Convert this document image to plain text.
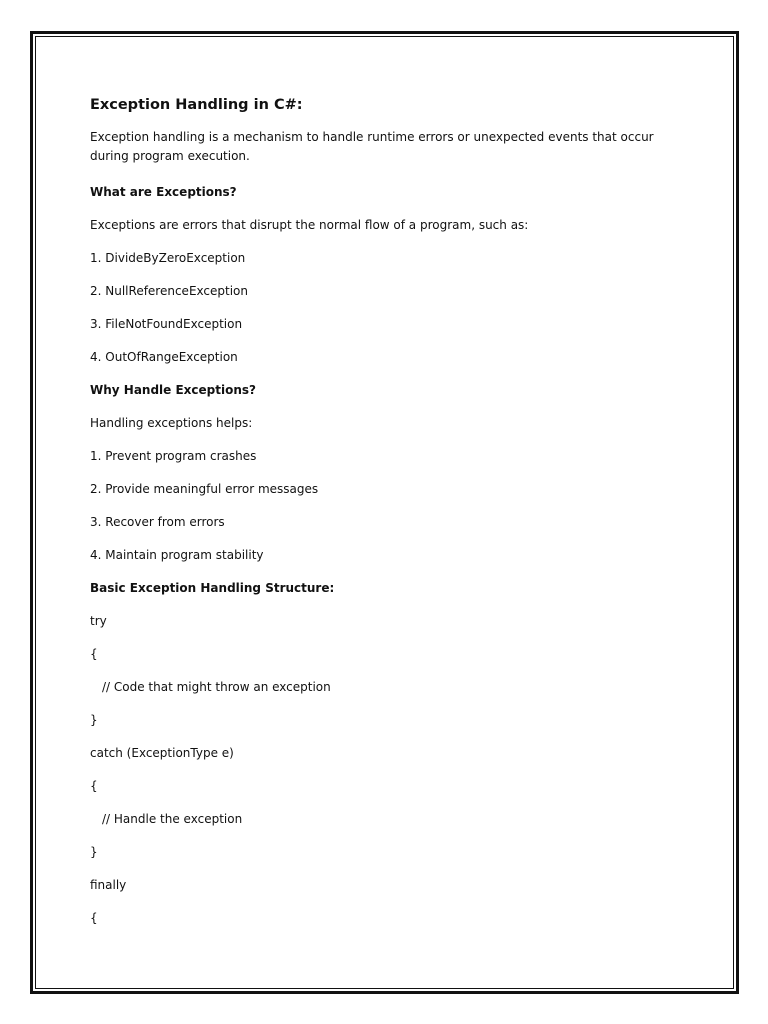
Exception Handling in C#:

Exception handling is a mechanism to handle runtime errors or unexpected events that occur during program execution.

What are Exceptions?

Exceptions are errors that disrupt the normal flow of a program, such as:

1. DivideByZeroException

2. NullReferenceException

3. FileNotFoundException

4. OutOfRangeException

Why Handle Exceptions?

Handling exceptions helps:

1. Prevent program crashes

2. Provide meaningful error messages

3. Recover from errors

4. Maintain program stability

Basic Exception Handling Structure:

try

{

// Code that might throw an exception

}

catch (ExceptionType e)

{

// Handle the exception

}

finally

{
